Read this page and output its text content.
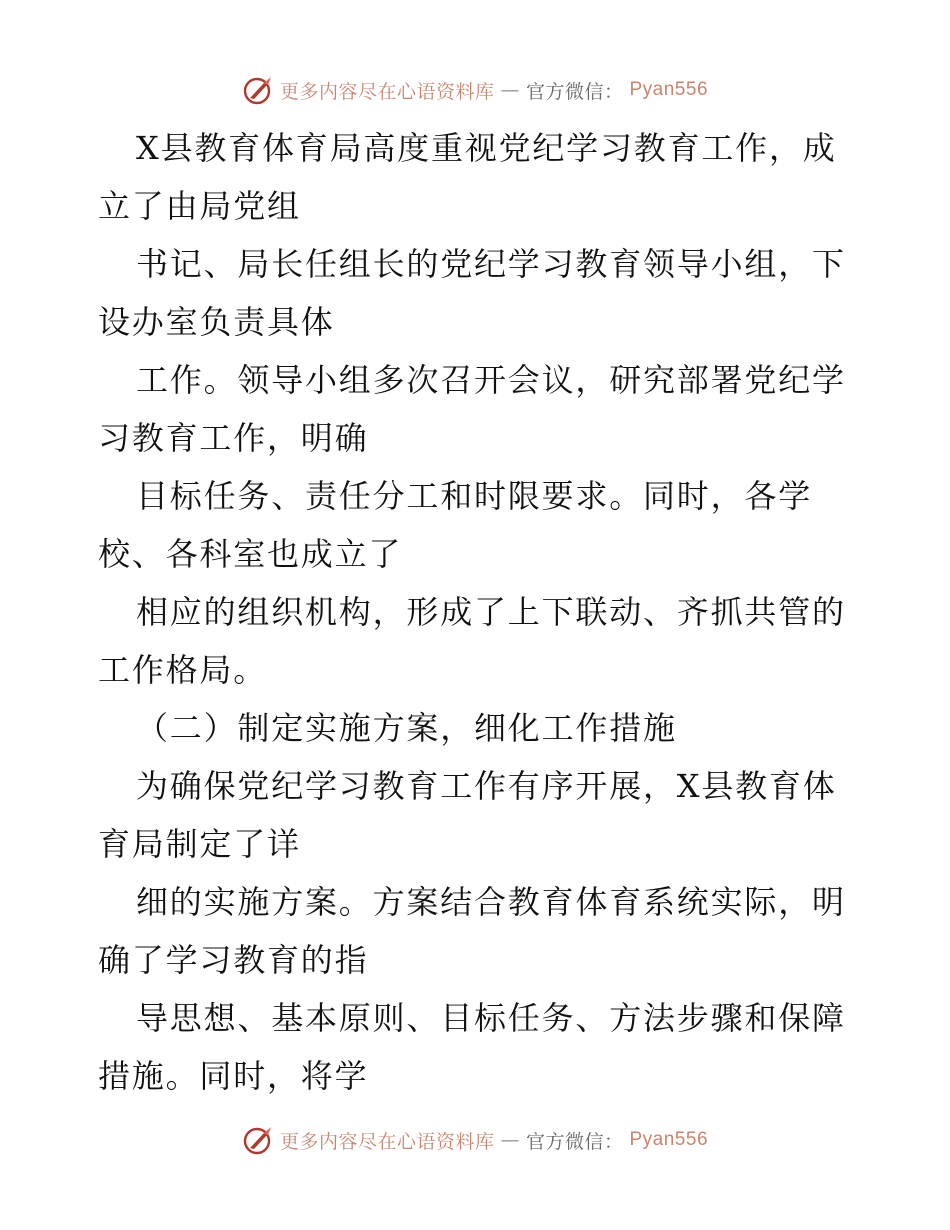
更多内容尽在心语资料库 — 官方微信： Pyan556
X县教育体育局高度重视党纪学习教育工作，成
立了由局党组
书记、局长任组长的党纪学习教育领导小组，下
设办室负责具体
工作。领导小组多次召开会议，研究部署党纪学
习教育工作，明确
目标任务、责任分工和时限要求。同时，各学
校、各科室也成立了
相应的组织机构，形成了上下联动、齐抓共管的
工作格局。
（二）制定实施方案，细化工作措施
为确保党纪学习教育工作有序开展，X县教育体
育局制定了详
细的实施方案。方案结合教育体育系统实际，明
确了学习教育的指
导思想、基本原则、目标任务、方法步骤和保障
措施。同时，将学
更多内容尽在心语资料库 — 官方微信： Pyan556
